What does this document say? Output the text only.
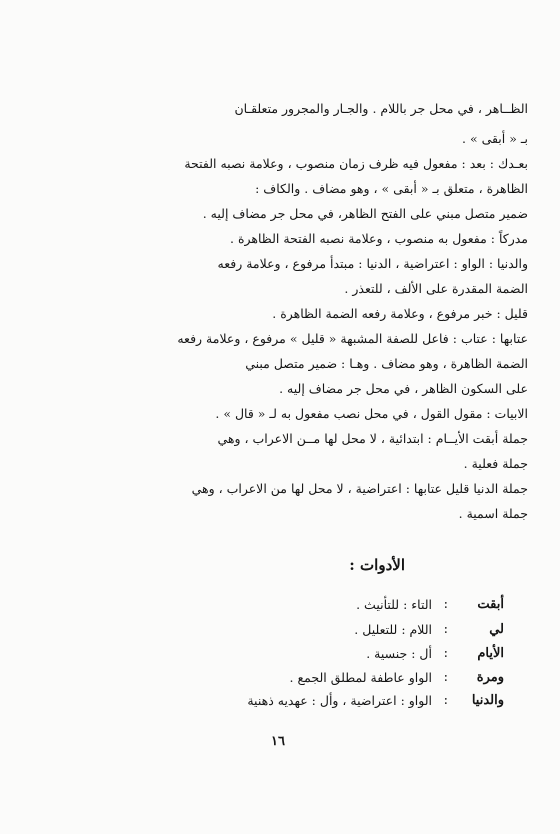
الظــاهر ، في محل جر باللام . والجـار والمجرور متعلقـان
بـ « أبقى » .
بعـدك : بعد : مفعول فيه ظرف زمان منصوب ، وعلامة نصبه الفتحة
الظاهرة ، متعلق بـ « أبقى » ، وهو مضاف . والكاف :
ضمير متصل مبني على الفتح الظاهر، في محل جر مضاف إليه .
مدركاً : مفعول به منصوب ، وعلامة نصبه الفتحة الظاهرة .
والدنيا : الواو : اعتراضية ، الدنيا : مبتدأ مرفوع ، وعلامة رفعه
الضمة المقدرة على الألف ، للتعذر .
قليل : خبر مرفوع ، وعلامة رفعه الضمة الظاهرة .
عتابها : عتاب : فاعل للصفة المشبهة « قليل » مرفوع ، وعلامة رفعه
الضمة الظاهرة ، وهو مضاف . وهـا : ضمير متصل مبني
على السكون الظاهر ، في محل جر مضاف إليه .
الابيات : مقول القول ، في محل نصب مفعول به لـ « قال » .
جملة أبقت الأيــام : ابتدائية ، لا محل لها مــن الاعراب ، وهي
جملة فعلية .
جملة الدنيا قليل عتابها : اعتراضية ، لا محل لها من الاعراب ، وهي
جملة اسمية .
الأدوات :
أبقت
:
التاء : للتأنيث .
لي
:
اللام : للتعليل .
الأيام
:
أل : جنسية .
ومرة
:
الواو عاطفة لمطلق الجمع .
والدنيا
:
الواو : اعتراضية ، وأل : عهديه ذهنية
١٦
